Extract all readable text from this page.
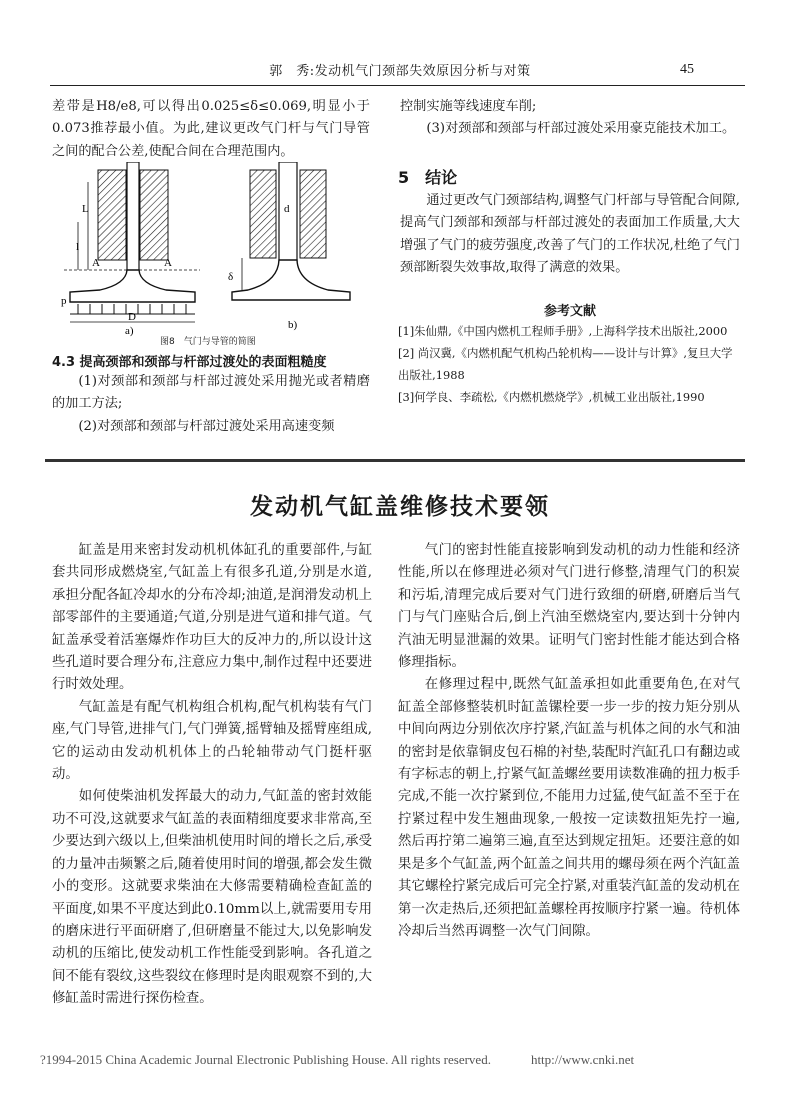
郭　秀:发动机气门颈部失效原因分析与对策	45

差带是H8/e8,可以得出0.025≤δ≤0.069,明显小于0.073推荐最小值。为此,建议更改气门杆与气门导管之间的配合公差,使配合间在合理范围内。

l
L
A	A
D
p
a)
δ
d
b)
图8　气门与导管的简图
4.3 提高颈部和颈部与杆部过渡处的表面粗糙度

(1)对颈部和颈部与杆部过渡处采用抛光或者精磨的加工方法;

(2)对颈部和颈部与杆部过渡处采用高速变频

控制实施等线速度车削;

(3)对颈部和颈部与杆部过渡处采用豪克能技术加工。

5　结论

通过更改气门颈部结构,调整气门杆部与导管配合间隙,提高气门颈部和颈部与杆部过渡处的表面加工作质量,大大增强了气门的疲劳强度,改善了气门的工作状况,杜绝了气门颈部断裂失效事故,取得了满意的效果。

参考文献
[1]朱仙鼎,《中国内燃机工程师手册》,上海科学技术出版社,2000
[2] 尚汉冀,《内燃机配气机构凸轮机构——设计与计算》,复旦大学出版社,1988
[3]何学良、李疏松,《内燃机燃烧学》,机械工业出版社,1990
发动机气缸盖维修技术要领

缸盖是用来密封发动机机体缸孔的重要部件,与缸套共同形成燃烧室,气缸盖上有很多孔道,分别是水道,承担分配各缸冷却水的分布冷却;油道,是润滑发动机上部零部件的主要通道;气道,分别是进气道和排气道。气缸盖承受着活塞爆炸作功巨大的反冲力的,所以设计这些孔道时要合理分布,注意应力集中,制作过程中还要进行时效处理。

气缸盖是有配气机构组合机构,配气机构装有气门座,气门导管,进排气门,气门弹簧,摇臂轴及摇臂座组成,它的运动由发动机机体上的凸轮轴带动气门挺杆驱动。

如何使柴油机发挥最大的动力,气缸盖的密封效能功不可没,这就要求气缸盖的表面精细度要求非常高,至少要达到六级以上,但柴油机使用时间的增长之后,承受的力量冲击频繁之后,随着使用时间的增强,都会发生微小的变形。这就要求柴油在大修需要精确检查缸盖的平面度,如果不平度达到此0.10mm以上,就需要用专用的磨床进行平面研磨了,但研磨量不能过大,以免影响发动机的压缩比,使发动机工作性能受到影响。各孔道之间不能有裂纹,这些裂纹在修理时是肉眼观察不到的,大修缸盖时需进行探伤检查。

气门的密封性能直接影响到发动机的动力性能和经济性能,所以在修理进必须对气门进行修整,清理气门的积炭和污垢,清理完成后要对气门进行致细的研磨,研磨后当气门与气门座贴合后,倒上汽油至燃烧室内,要达到十分钟内汽油无明显泄漏的效果。证明气门密封性能才能达到合格修理指标。

在修理过程中,既然气缸盖承担如此重要角色,在对气缸盖全部修整装机时缸盖镙栓要一步一步的按力矩分别从中间向两边分别依次序拧紧,汽缸盖与机体之间的水气和油的密封是依靠铜皮包石棉的衬垫,装配时汽缸孔口有翻边或有字标志的朝上,拧紧气缸盖螺丝要用读数准确的扭力板手完成,不能一次拧紧到位,不能用力过猛,使气缸盖不至于在拧紧过程中发生翘曲现象,一般按一定读数扭矩先拧一遍,然后再拧第二遍第三遍,直至达到规定扭矩。还要注意的如果是多个气缸盖,两个缸盖之间共用的螺母须在两个汽缸盖其它螺栓拧紧完成后可完全拧紧,对重装汽缸盖的发动机在第一次走热后,还须把缸盖螺栓再按顺序拧紧一遍。待机体冷却后当然再调整一次气门间隙。

?1994-2015 China Academic Journal Electronic Publishing House. All rights reserved.	http://www.cnki.net
